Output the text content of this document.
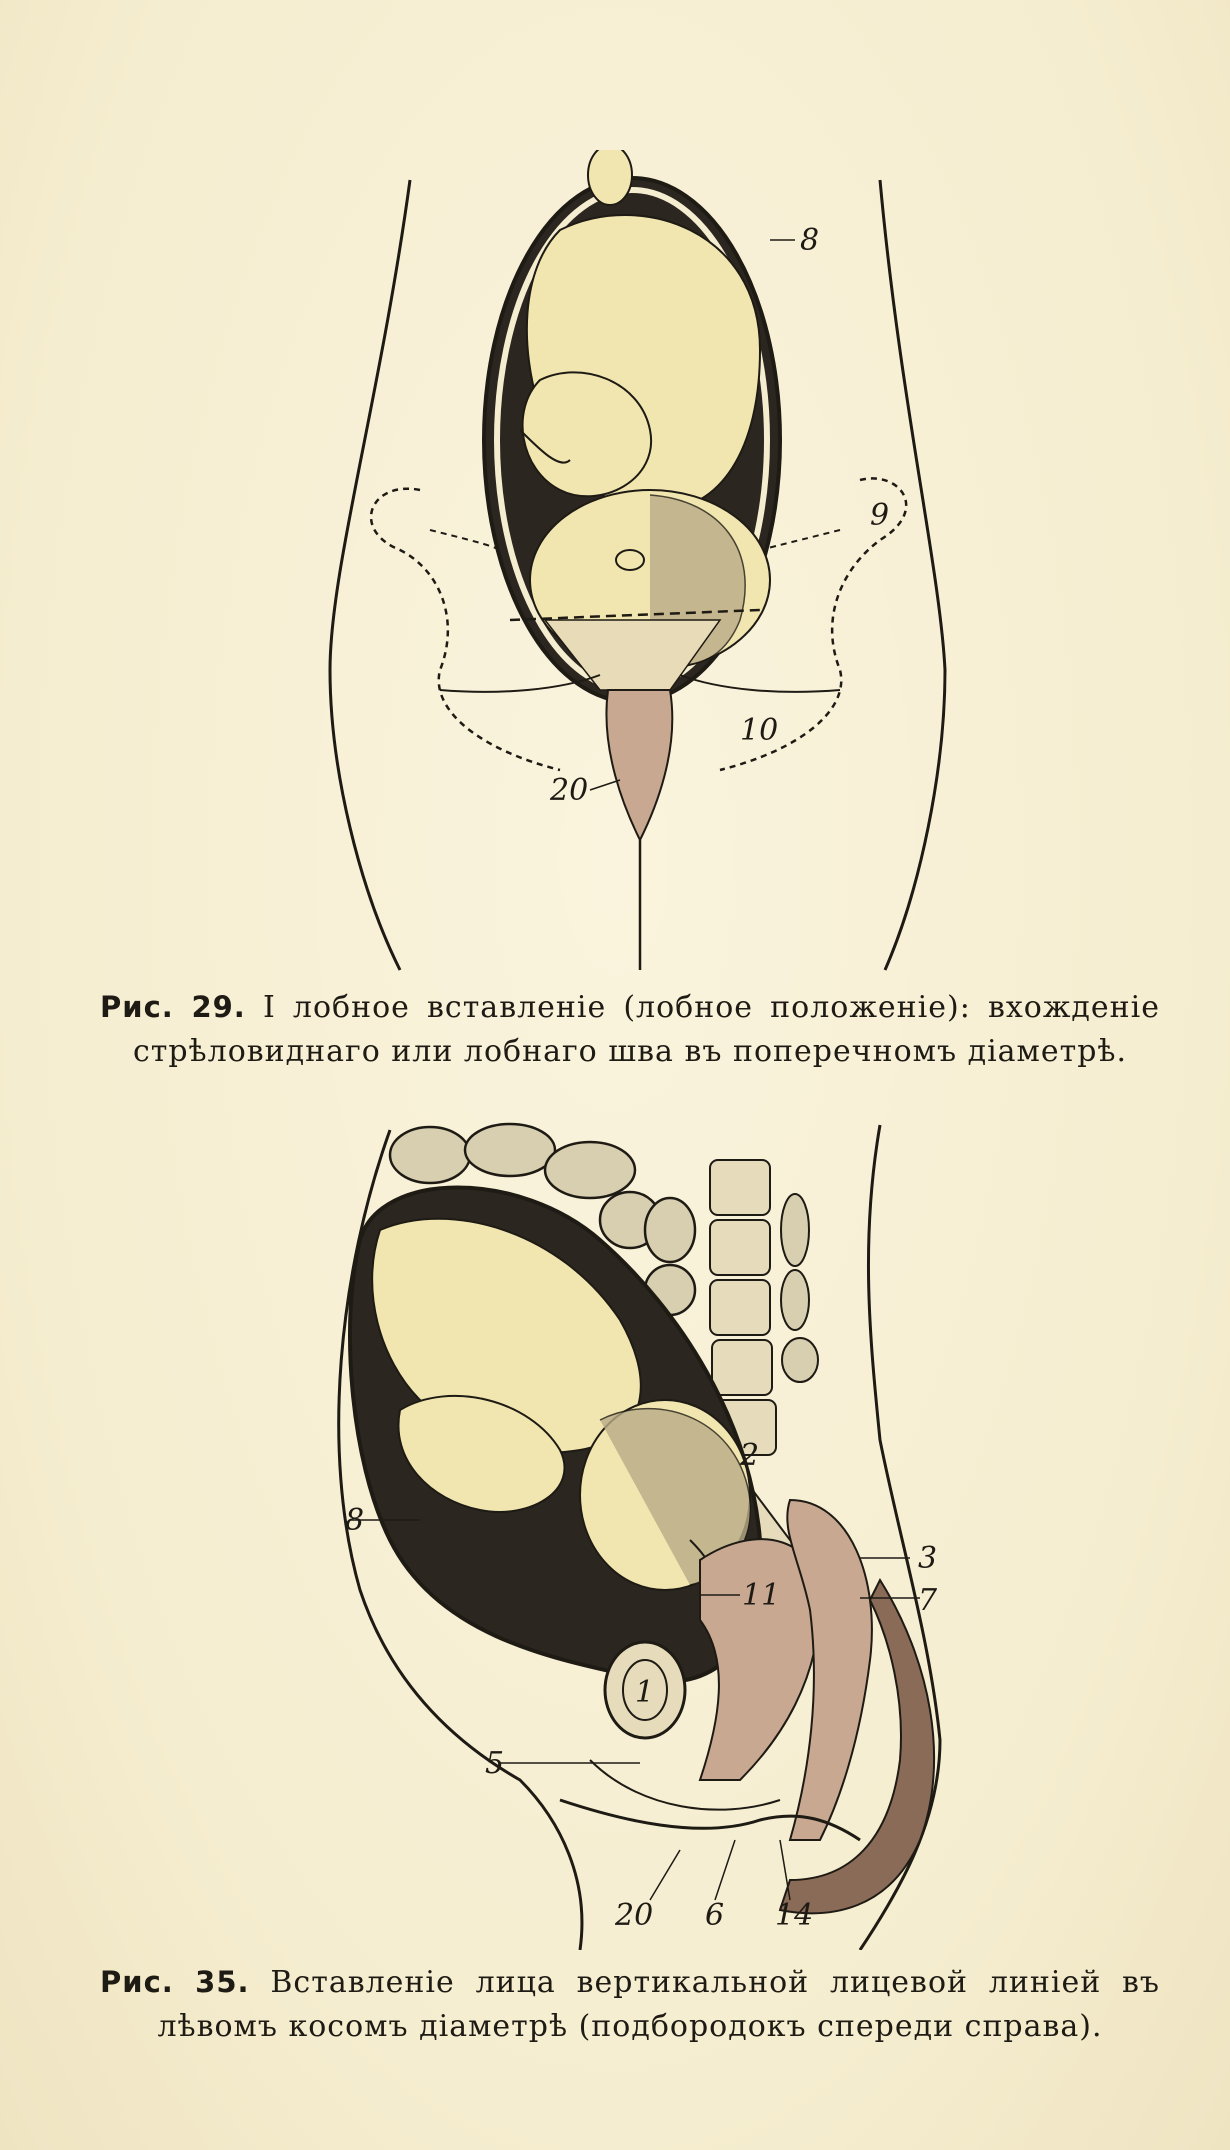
8
9
10
20

Рис. 29. I лобное вставленіе (лобное положеніе): вхожденіе стрѣловиднаго или лобнаго шва въ поперечномъ діаметрѣ.

2
3
7
11
8
1
5
20 6 14

Рис. 35. Вставленіе лица вертикальной лицевой линіей въ лѣвомъ косомъ діаметрѣ (подбородокъ спереди справа).
